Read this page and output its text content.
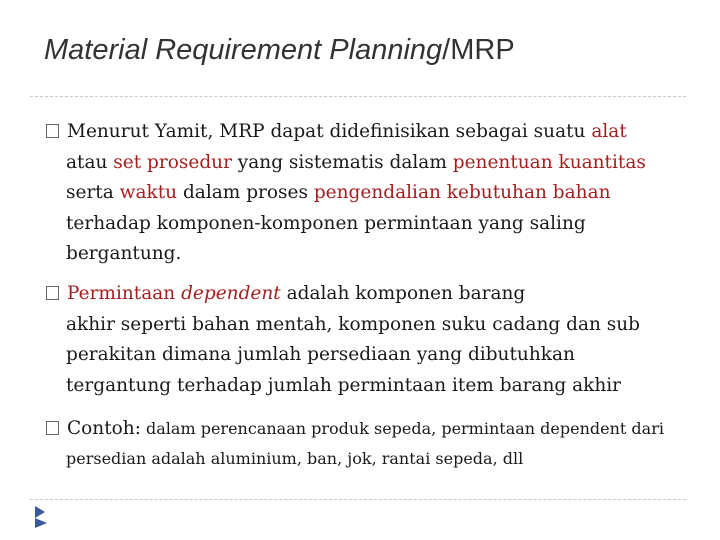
Material Requirement Planning/MRP
Menurut Yamit, MRP dapat didefinisikan sebagai suatu alat
atau set prosedur yang sistematis dalam penentuan kuantitas
serta waktu dalam proses pengendalian kebutuhan bahan
terhadap komponen-komponen permintaan yang saling
bergantung.
Permintaan dependent adalah komponen barang
akhir seperti bahan mentah, komponen suku cadang dan sub
perakitan dimana jumlah persediaan yang dibutuhkan
tergantung terhadap jumlah permintaan item barang akhir
Contoh: dalam perencanaan produk sepeda, permintaan dependent dari
persedian adalah aluminium, ban, jok, rantai sepeda, dll
